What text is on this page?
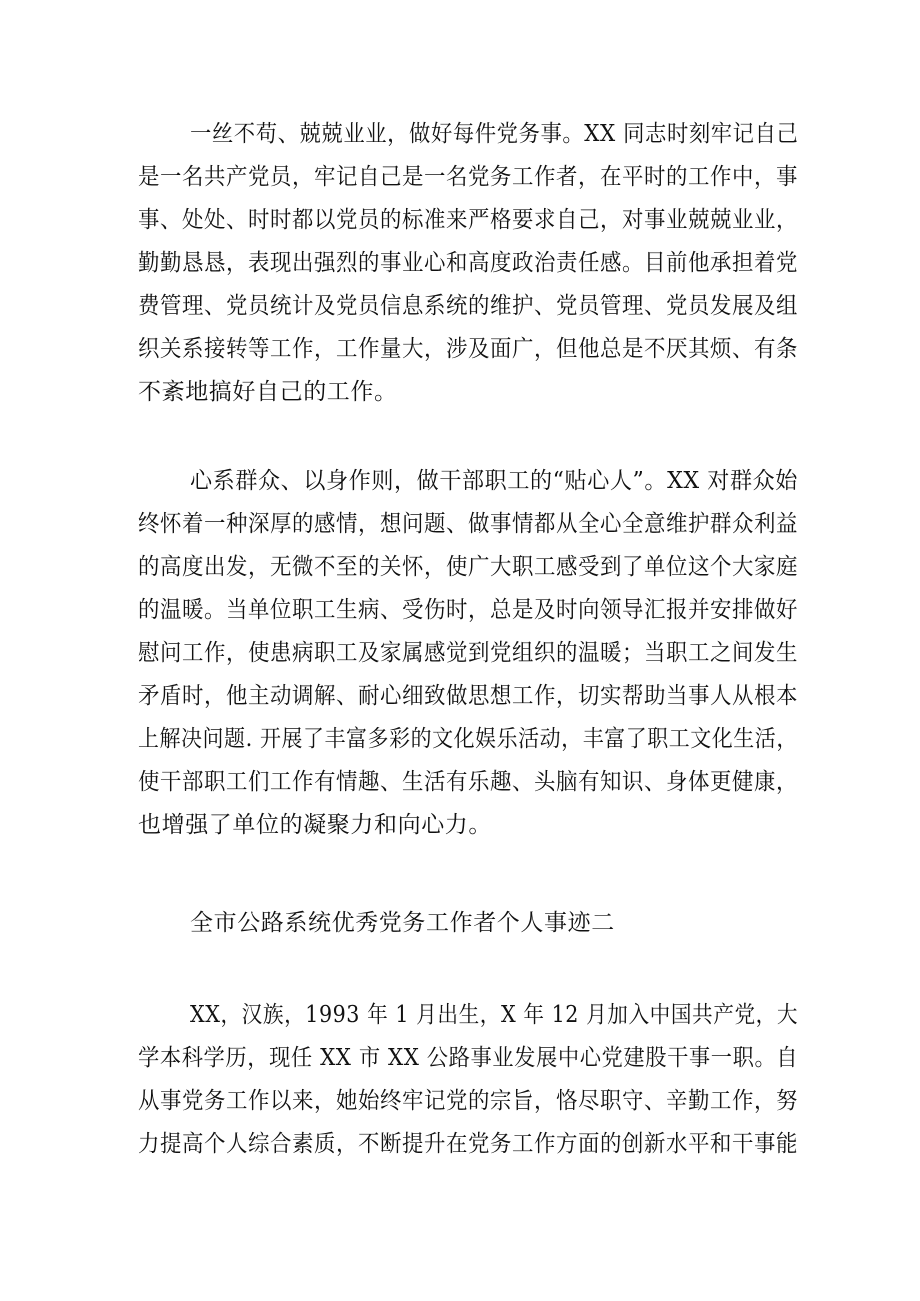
一丝不苟、兢兢业业，做好每件党务事。XX 同志时刻牢记自己
是一名共产党员，牢记自己是一名党务工作者，在平时的工作中，事
事、处处、时时都以党员的标准来严格要求自己，对事业兢兢业业，
勤勤恳恳，表现出强烈的事业心和高度政治责任感。目前他承担着党
费管理、党员统计及党员信息系统的维护、党员管理、党员发展及组
织关系接转等工作，工作量大，涉及面广，但他总是不厌其烦、有条
不紊地搞好自己的工作。
心系群众、以身作则，做干部职工的“贴心人”。XX 对群众始
终怀着一种深厚的感情，想问题、做事情都从全心全意维护群众利益
的高度出发，无微不至的关怀，使广大职工感受到了单位这个大家庭
的温暖。当单位职工生病、受伤时，总是及时向领导汇报并安排做好
慰问工作，使患病职工及家属感觉到党组织的温暖；当职工之间发生
矛盾时，他主动调解、耐心细致做思想工作，切实帮助当事人从根本
上解决问题. 开展了丰富多彩的文化娱乐活动，丰富了职工文化生活，
使干部职工们工作有情趣、生活有乐趣、头脑有知识、身体更健康，
也增强了单位的凝聚力和向心力。
全市公路系统优秀党务工作者个人事迹二
XX，汉族，1993 年 1 月出生，X 年 12 月加入中国共产党，大
学本科学历，现任 XX 市 XX 公路事业发展中心党建股干事一职。自
从事党务工作以来，她始终牢记党的宗旨，恪尽职守、辛勤工作，努
力提高个人综合素质，不断提升在党务工作方面的创新水平和干事能
